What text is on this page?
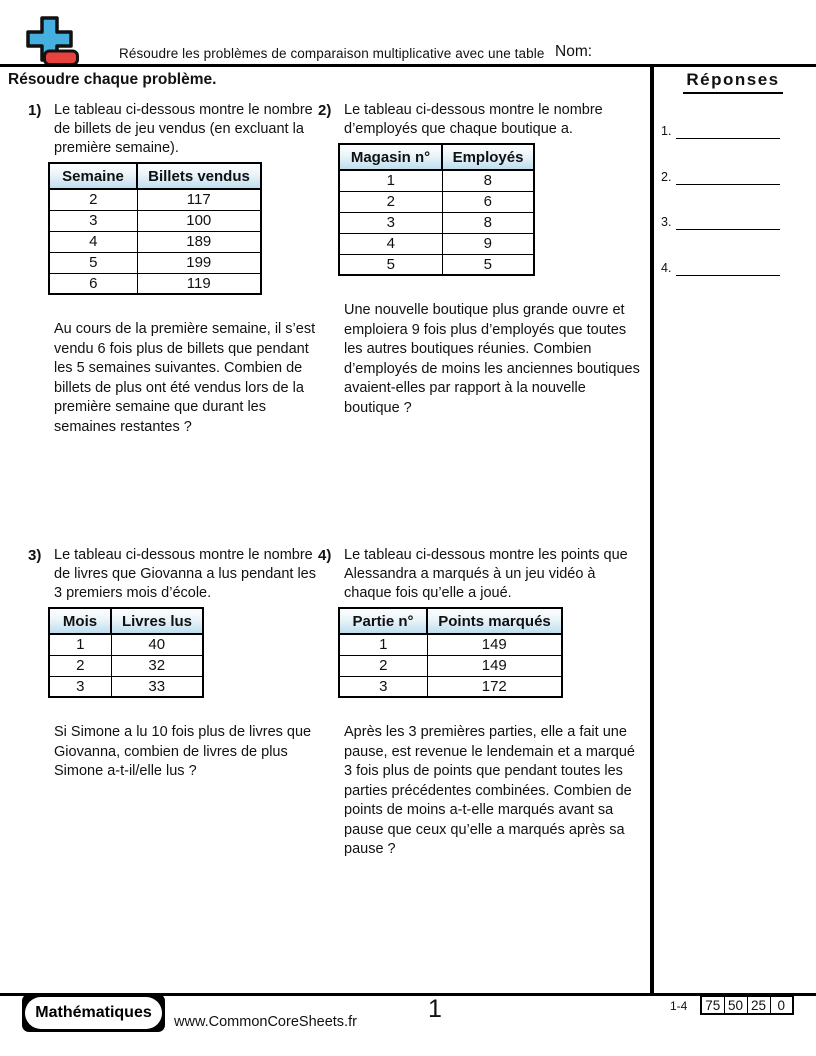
Résoudre les problèmes de comparaison multiplicative avec une table Nom:
Résoudre chaque problème.	Réponses
1.
2.
3.
4.
1) Le tableau ci-dessous montre le nombre de billets de jeu vendus (en excluant la première semaine).
Semaine	Billets vendus
2	117
3	100
4	189
5	199
6	119
Au cours de la première semaine, il s’est vendu 6 fois plus de billets que pendant les 5 semaines suivantes. Combien de billets de plus ont été vendus lors de la première semaine que durant les semaines restantes ?
2) Le tableau ci-dessous montre le nombre d’employés que chaque boutique a.
Magasin n°	Employés
1	8
2	6
3	8
4	9
5	5
Une nouvelle boutique plus grande ouvre et emploiera 9 fois plus d’employés que toutes les autres boutiques réunies. Combien d’employés de moins les anciennes boutiques avaient-elles par rapport à la nouvelle boutique ?
3) Le tableau ci-dessous montre le nombre de livres que Giovanna a lus pendant les 3 premiers mois d’école.
Mois	Livres lus
1	40
2	32
3	33
Si Simone a lu 10 fois plus de livres que Giovanna, combien de livres de plus Simone a-t-il/elle lus ?
4) Le tableau ci-dessous montre les points que Alessandra a marqués à un jeu vidéo à chaque fois qu’elle a joué.
Partie n°	Points marqués
1	149
2	149
3	172
Après les 3 premières parties, elle a fait une pause, est revenue le lendemain et a marqué 3 fois plus de points que pendant toutes les parties précédentes combinées. Combien de points de moins a-t-elle marqués avant sa pause que ceux qu’elle a marqués après sa pause ?
Mathématiques
www.CommonCoreSheets.fr	1	1-4 75	50	25	0
